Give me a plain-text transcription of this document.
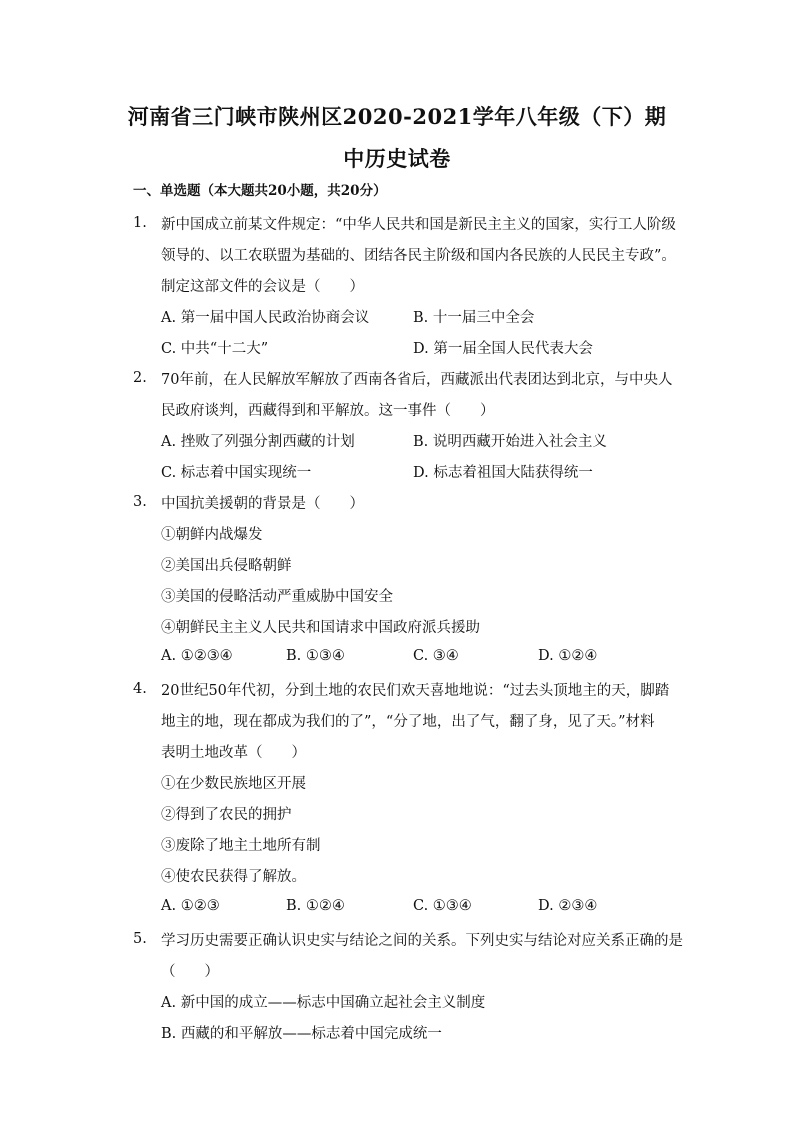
河南省三门峡市陕州区2020-2021学年八年级（下）期
中历史试卷
一、单选题（本大题共20小题，共20分）
1. 新中国成立前某文件规定：“中华人民共和国是新民主主义的国家，实行工人阶级
领导的、以工农联盟为基础的、团结各民主阶级和国内各民族的人民民主专政”。
制定这部文件的会议是（　　）
A. 第一届中国人民政治协商会议	B. 十一届三中全会
C. 中共“十二大”	D. 第一届全国人民代表大会
2. 70年前，在人民解放军解放了西南各省后，西藏派出代表团达到北京，与中央人
民政府谈判，西藏得到和平解放。这一事件（　　）
A. 挫败了列强分割西藏的计划	B. 说明西藏开始进入社会主义
C. 标志着中国实现统一	D. 标志着祖国大陆获得统一
3. 中国抗美援朝的背景是（　　）
①朝鲜内战爆发
②美国出兵侵略朝鲜
③美国的侵略活动严重威胁中国安全
④朝鲜民主主义人民共和国请求中国政府派兵援助
A. ①②③④	B. ①③④	C. ③④	D. ①②④
4. 20世纪50年代初，分到土地的农民们欢天喜地地说：“过去头顶地主的天，脚踏
地主的地，现在都成为我们的了”，“分了地，出了气，翻了身，见了天。”材料
表明土地改革（　　）
①在少数民族地区开展
②得到了农民的拥护
③废除了地主土地所有制
④使农民获得了解放。
A. ①②③	B. ①②④	C. ①③④	D. ②③④
5. 学习历史需要正确认识史实与结论之间的关系。下列史实与结论对应关系正确的是
（　　）
A. 新中国的成立——标志中国确立起社会主义制度
B. 西藏的和平解放——标志着中国完成统一
